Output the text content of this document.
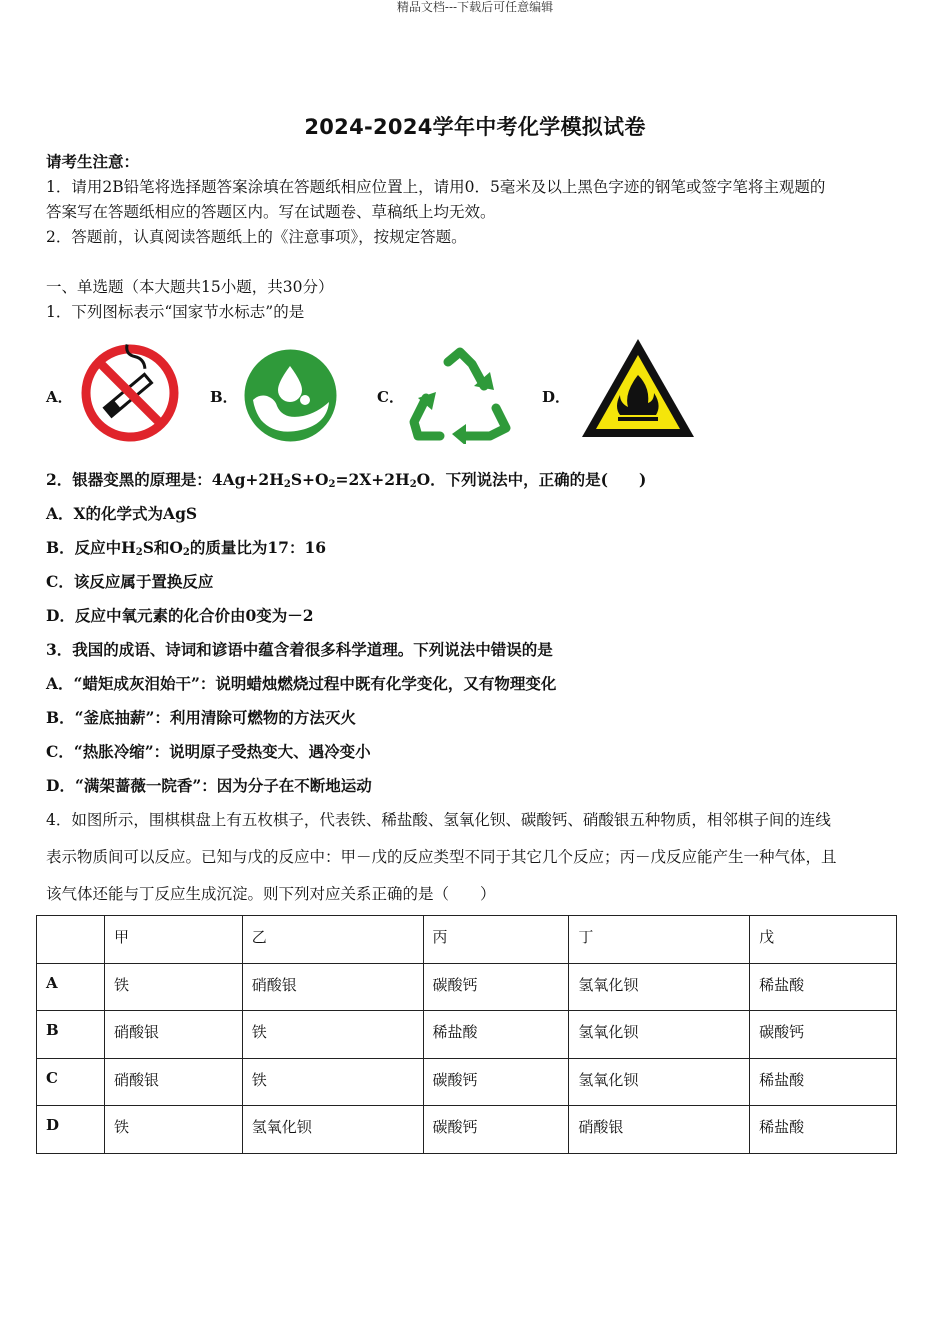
精品文档---下载后可任意编辑
2024-2024学年中考化学模拟试卷
请考生注意：
1．请用2B铅笔将选择题答案涂填在答题纸相应位置上，请用0．5毫米及以上黑色字迹的钢笔或签字笔将主观题的
答案写在答题纸相应的答题区内。写在试题卷、草稿纸上均无效。
2．答题前，认真阅读答题纸上的《注意事项》，按规定答题。
一、单选题（本大题共15小题，共30分）
1．下列图标表示“国家节水标志”的是
A．	B．	C．	D．
2．银器变黑的原理是：$4Ag+2H_2S+O_2=2X+2H_2O$．下列说法中，正确的是(　　)
A．X的化学式为AgS
B．反应中$H_2S$和$O_2$的质量比为17：16
C．该反应属于置换反应
D．反应中氧元素的化合价由0变为－2
3．我国的成语、诗词和谚语中蕴含着很多科学道理。下列说法中错误的是
A．“蜡矩成灰泪始干”：说明蜡烛燃烧过程中既有化学变化，又有物理变化
B．“釜底抽薪”：利用清除可燃物的方法灭火
C．“热胀冷缩”：说明原子受热变大、遇冷变小
D．“满架蔷薇一院香”：因为分子在不断地运动
4．如图所示，围棋棋盘上有五枚棋子，代表铁、稀盐酸、氢氧化钡、碳酸钙、硝酸银五种物质，相邻棋子间的连线
表示物质间可以反应。已知与戊的反应中：甲－戊的反应类型不同于其它几个反应；丙－戊反应能产生一种气体，且
该气体还能与丁反应生成沉淀。则下列对应关系正确的是（　　）
	甲	乙	丙	丁	戊
A	铁	硝酸银	碳酸钙	氢氧化钡	稀盐酸
B	硝酸银	铁	稀盐酸	氢氧化钡	碳酸钙
C	硝酸银	铁	碳酸钙	氢氧化钡	稀盐酸
D	铁	氢氧化钡	碳酸钙	硝酸银	稀盐酸
